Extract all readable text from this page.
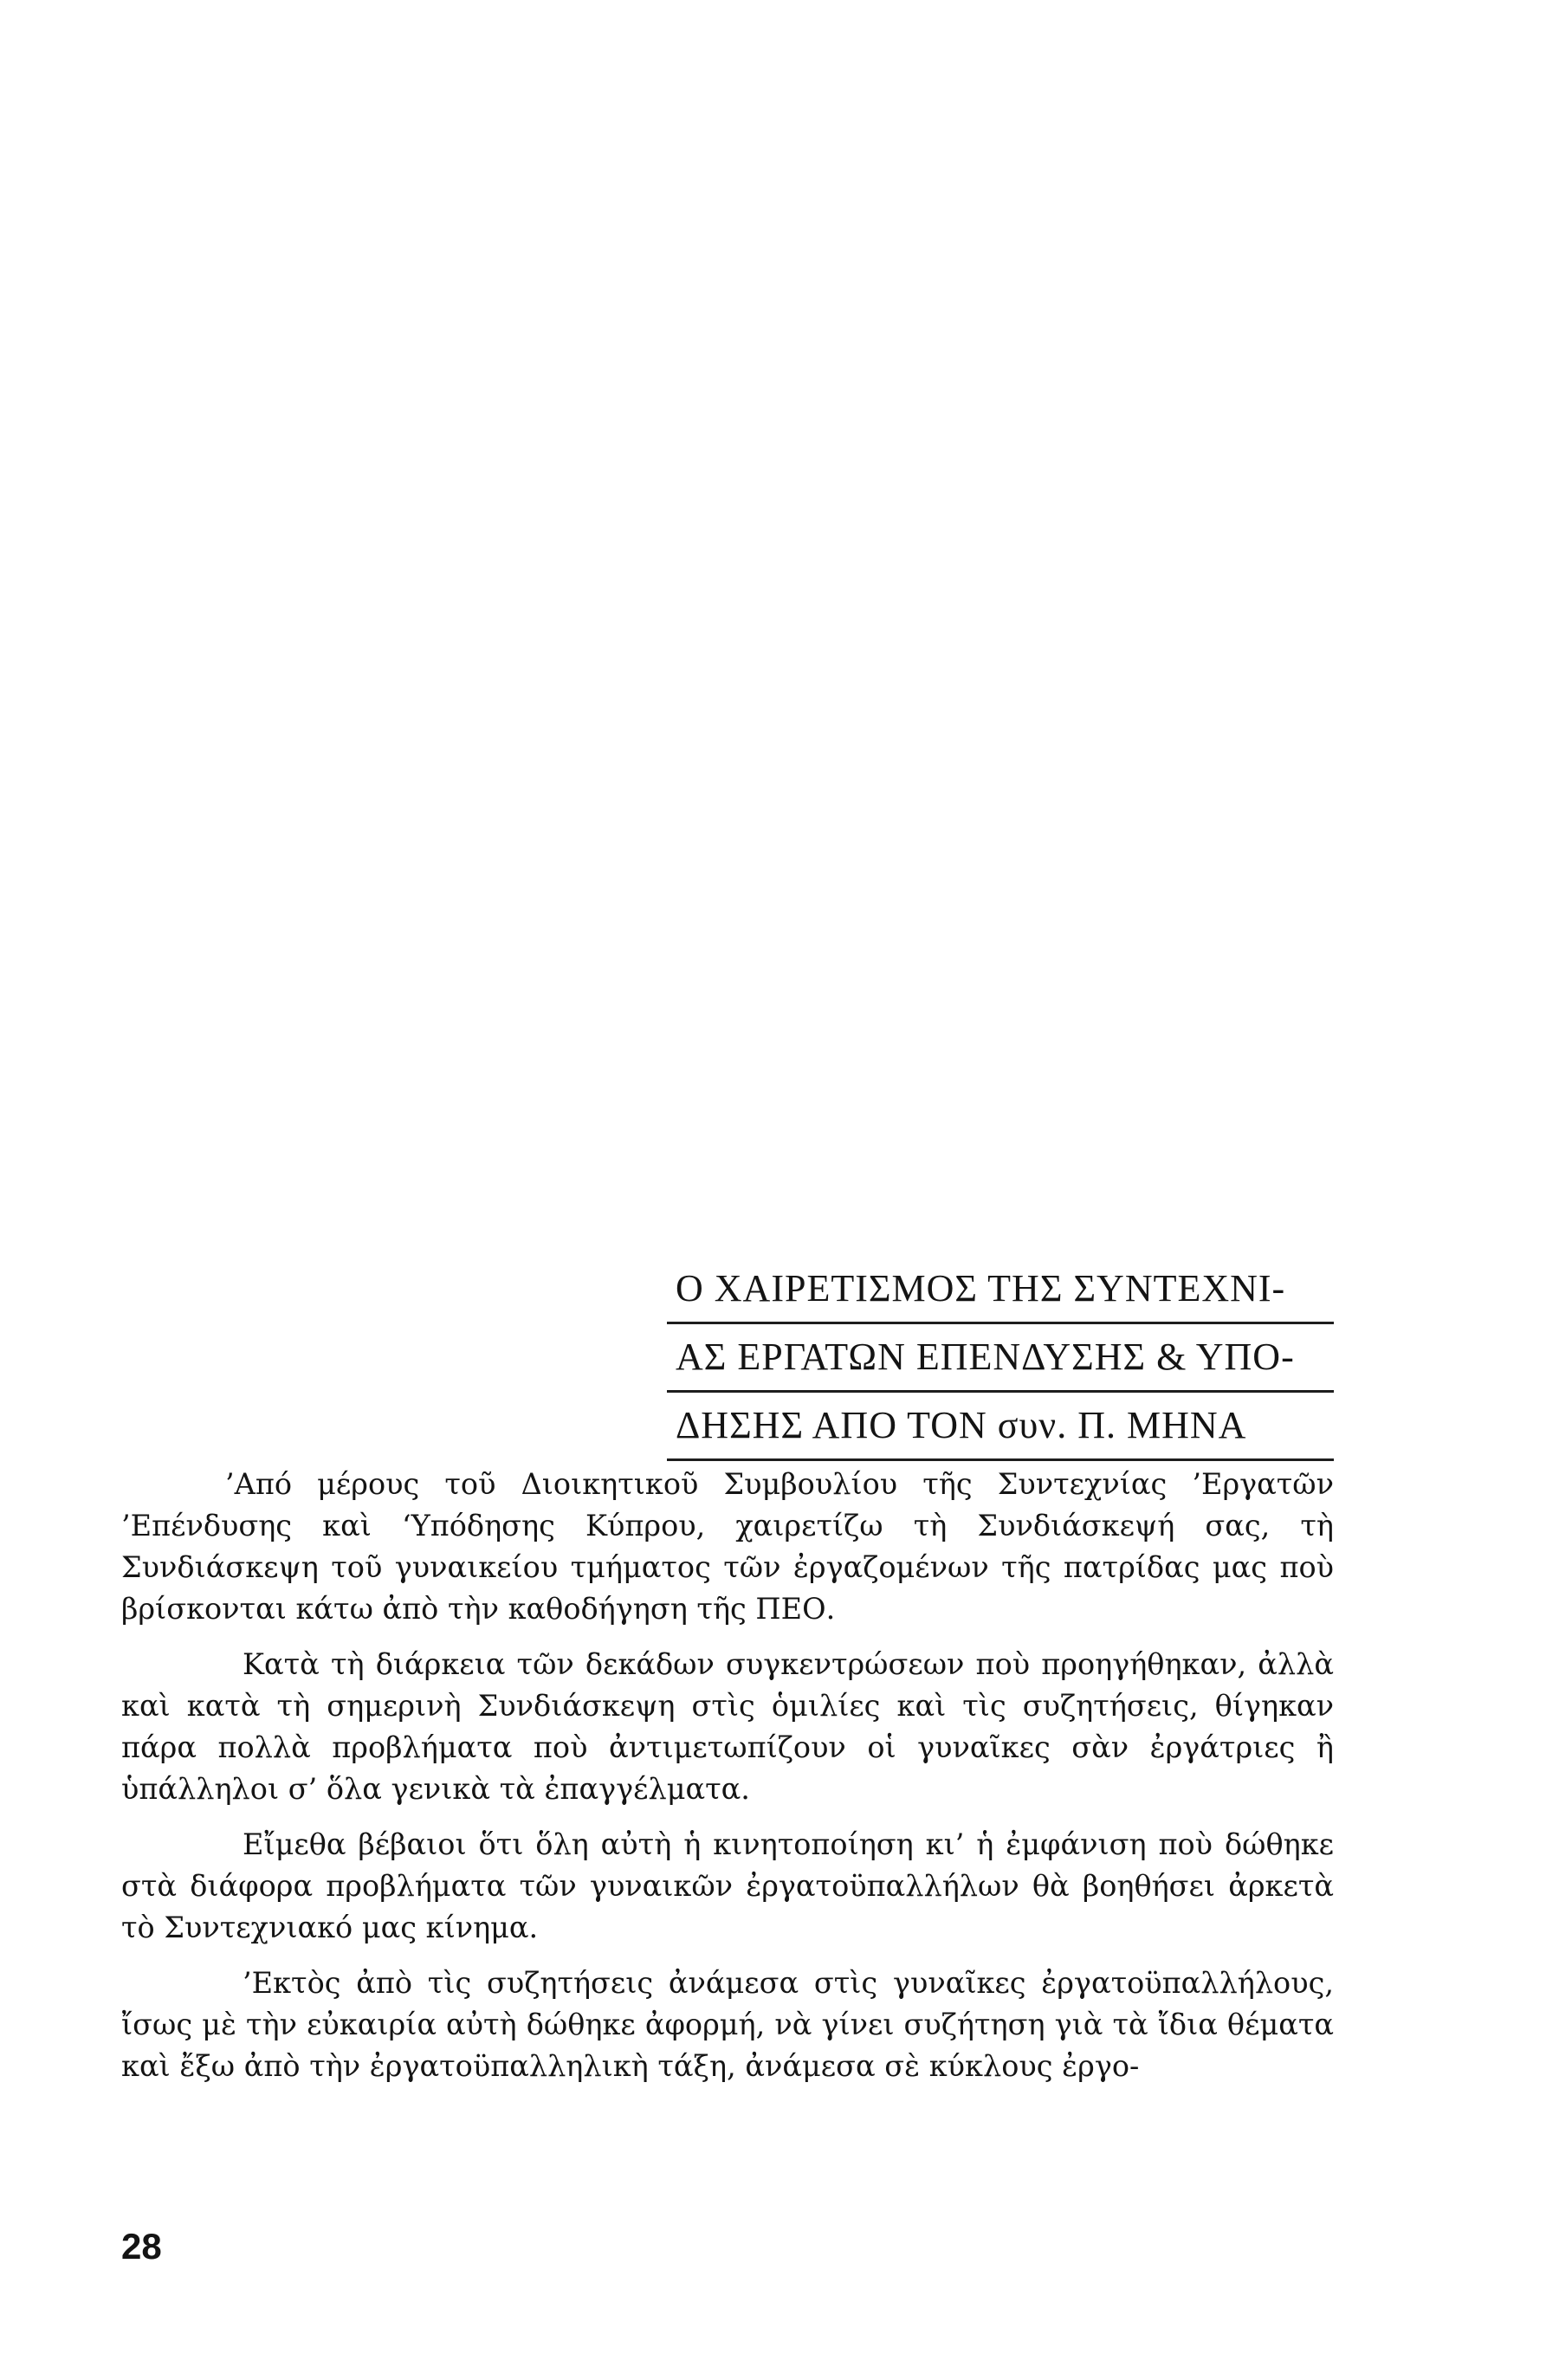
Ο ΧΑΙΡΕΤΙΣΜΟΣ ΤΗΣ ΣΥΝΤΕΧΝΙ-
ΑΣ ΕΡΓΑΤΩΝ ΕΠΕΝΔΥΣΗΣ & ΥΠΟ-
ΔΗΣΗΣ ΑΠΟ ΤΟΝ συν. Π. ΜΗΝΑ

’Από μέρους τοῦ Διοικητικοῦ Συμβουλίου τῆς Συντεχνίας ’Εργατῶν ’Επένδυσης καὶ ‘Υπόδησης Κύπρου, χαιρετίζω τὴ Συνδιάσκεψή σας, τὴ Συνδιάσκεψη τοῦ γυναικείου τμήματος τῶν ἐργαζομένων τῆς πατρίδας μας ποὺ βρίσκονται κάτω ἀπὸ τὴν καθοδήγηση τῆς ΠΕΟ.

Κατὰ τὴ διάρκεια τῶν δεκάδων συγκεντρώσεων ποὺ προηγήθηκαν, ἀλλὰ καὶ κατὰ τὴ σημερινὴ Συνδιάσκεψη στὶς ὁμιλίες καὶ τὶς συζητήσεις, θίγηκαν πάρα πολλὰ προβλήματα ποὺ ἀντιμετωπίζουν οἱ γυναῖκες σὰν ἐργάτριες ἢ ὑπάλληλοι σ’ ὅλα γενικὰ τὰ ἐπαγγέλματα.

Εἴμεθα βέβαιοι ὅτι ὅλη αὐτὴ ἡ κινητοποίηση κι’ ἡ ἐμφάνιση ποὺ δώθηκε στὰ διάφορα προβλήματα τῶν γυναικῶν ἐργατοϋπαλλήλων θὰ βοηθήσει ἀρκετὰ τὸ Συντεχνιακό μας κίνημα.

’Εκτὸς ἀπὸ τὶς συζητήσεις ἀνάμεσα στὶς γυναῖκες ἐργατοϋπαλλήλους, ἴσως μὲ τὴν εὐκαιρία αὐτὴ δώθηκε ἀφορμή, νὰ γίνει συζήτηση γιὰ τὰ ἴδια θέματα καὶ ἔξω ἀπὸ τὴν ἐργατοϋπαλληλικὴ τάξη, ἀνάμεσα σὲ κύκλους ἐργο-

28
